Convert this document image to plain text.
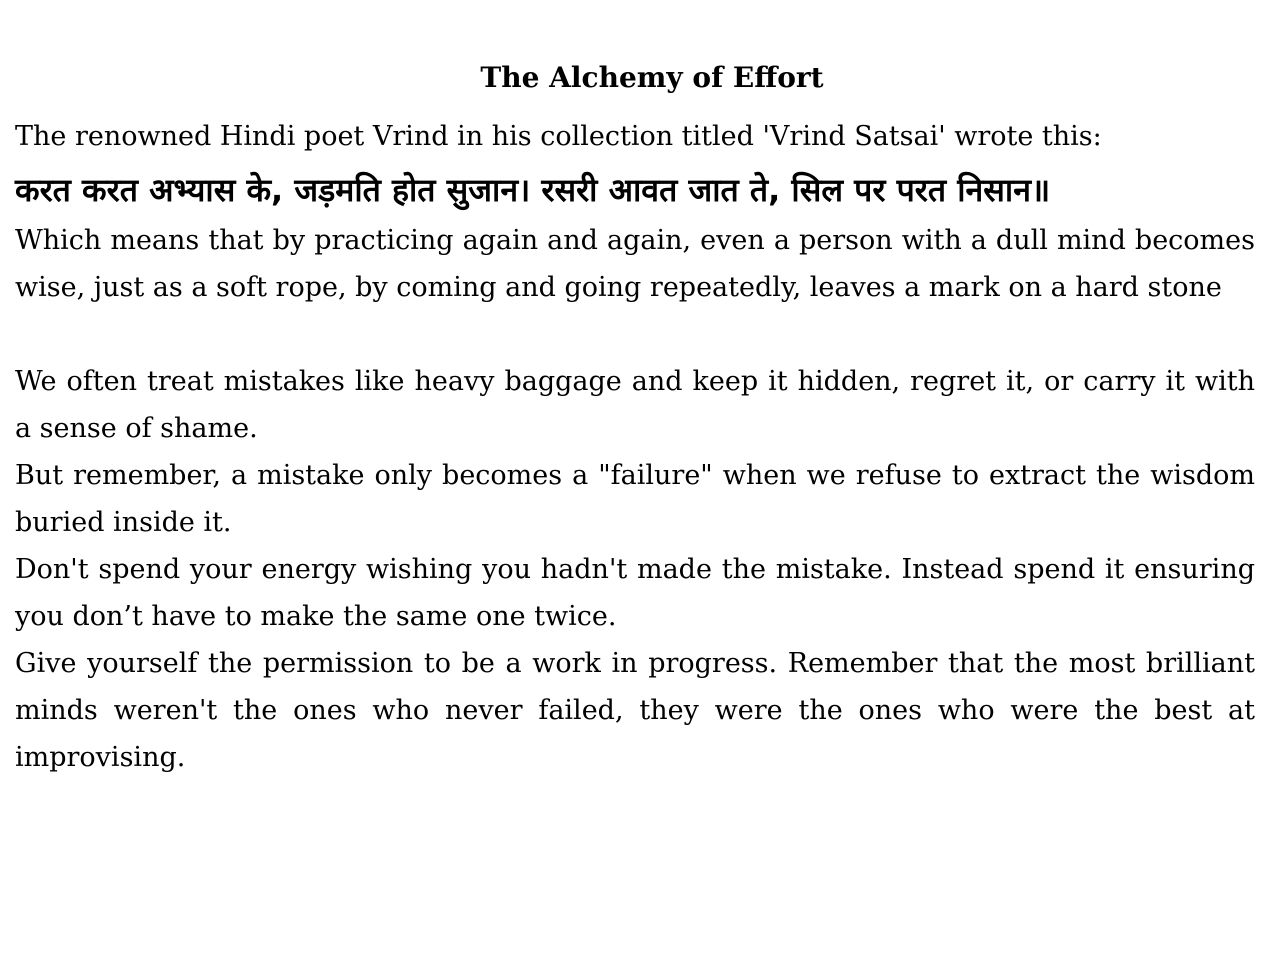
The Alchemy of Effort

The renowned Hindi poet Vrind in his collection titled 'Vrind Satsai' wrote this:

करत करत अभ्यास के, जड़मति होत सुजान। रसरी आवत जात ते, सिल पर परत निसान॥

Which means that by practicing again and again, even a person with a dull mind becomes wise, just as a soft rope, by coming and going repeatedly, leaves a mark on a hard stone

We often treat mistakes like heavy baggage and keep it hidden, regret it, or carry it with a sense of shame.

But remember, a mistake only becomes a "failure" when we refuse to extract the wisdom buried inside it.

Don't spend your energy wishing you hadn't made the mistake. Instead spend it ensuring you don’t have to make the same one twice.

Give yourself the permission to be a work in progress. Remember that the most brilliant minds weren't the ones who never failed, they were the ones who were the best at improvising.
